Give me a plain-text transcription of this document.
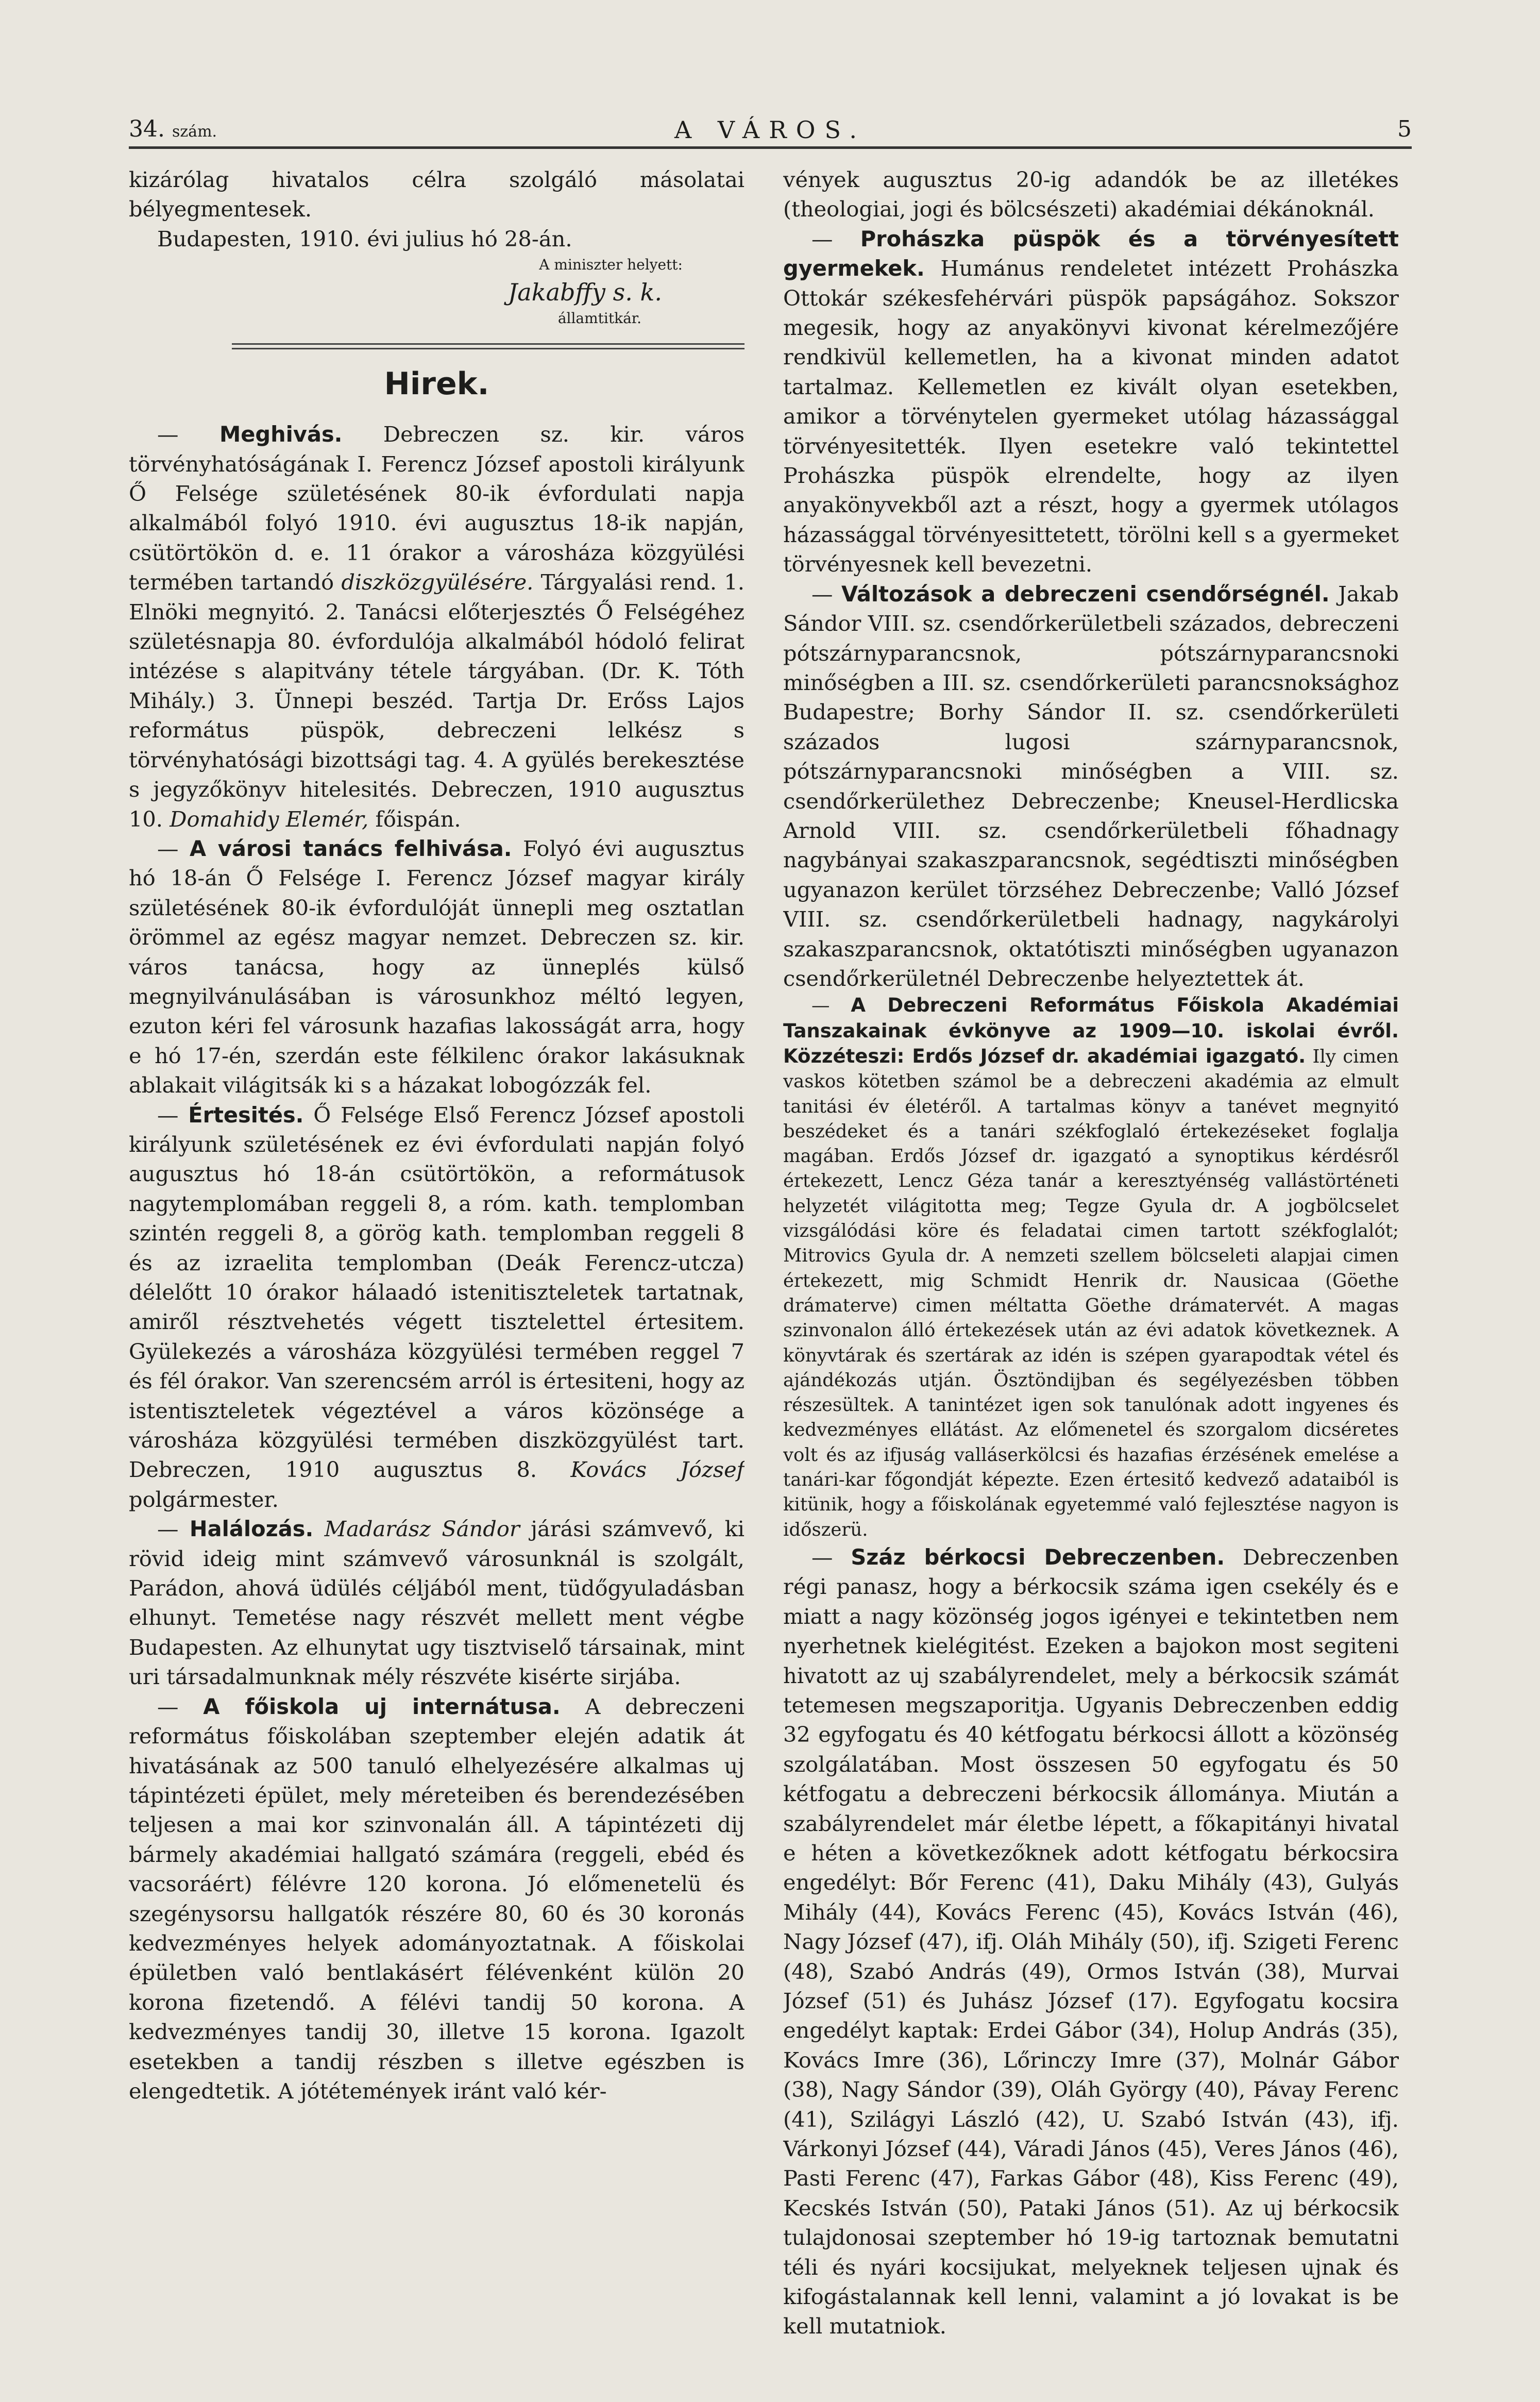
34. szám.	A VÁROS.	5

kizárólag hivatalos célra szolgáló másolatai bélyegmentesek.

Budapesten, 1910. évi julius hó 28-án.

A miniszter helyett:
Jakabffy s. k.
államtitkár.
Hirek.

— Meghivás. Debreczen sz. kir. város törvényhatóságának I. Ferencz József apostoli királyunk Ő Felsége születésének 80-ik évfordulati napja alkalmából folyó 1910. évi augusztus 18-ik napján, csütörtökön d. e. 11 órakor a városháza közgyülési termében tartandó diszközgyülésére. Tárgyalási rend. 1. Elnöki megnyitó. 2. Tanácsi előterjesztés Ő Felségéhez születésnapja 80. évfordulója alkalmából hódoló felirat intézése s alapitvány tétele tárgyában. (Dr. K. Tóth Mihály.) 3. Ünnepi beszéd. Tartja Dr. Erőss Lajos református püspök, debreczeni lelkész s törvényhatósági bizottsági tag. 4. A gyülés berekesztése s jegyzőkönyv hitelesités. Debreczen, 1910 augusztus 10. Domahidy Elemér, főispán.

— A városi tanács felhivása. Folyó évi augusztus hó 18-án Ő Felsége I. Ferencz József magyar király születésének 80-ik évfordulóját ünnepli meg osztatlan örömmel az egész magyar nemzet. Debreczen sz. kir. város tanácsa, hogy az ünneplés külső megnyilvánulásában is városunkhoz méltó legyen, ezuton kéri fel városunk hazafias lakosságát arra, hogy e hó 17-én, szerdán este félkilenc órakor lakásuknak ablakait világitsák ki s a házakat lobogózzák fel.

— Értesités. Ő Felsége Első Ferencz József apostoli királyunk születésének ez évi évfordulati napján folyó augusztus hó 18-án csütörtökön, a reformátusok nagytemplomában reggeli 8, a róm. kath. templomban szintén reggeli 8, a görög kath. templomban reggeli 8 és az izraelita templomban (Deák Ferencz-utcza) délelőtt 10 órakor hálaadó istenitiszteletek tartatnak, amiről résztvehetés végett tisztelettel értesitem. Gyülekezés a városháza közgyülési termében reggel 7 és fél órakor. Van szerencsém arról is értesiteni, hogy az istentiszteletek végeztével a város közönsége a városháza közgyülési termében diszközgyülést tart. Debreczen, 1910 augusztus 8. Kovács József polgármester.

— Halálozás. Madarász Sándor járási számvevő, ki rövid ideig mint számvevő városunknál is szolgált, Parádon, ahová üdülés céljából ment, tüdőgyuladásban elhunyt. Temetése nagy részvét mellett ment végbe Budapesten. Az elhunytat ugy tisztviselő társainak, mint uri társadalmunknak mély részvéte kisérte sirjába.

— A főiskola uj internátusa. A debreczeni református főiskolában szeptember elején adatik át hivatásának az 500 tanuló elhelyezésére alkalmas uj tápintézeti épület, mely méreteiben és berendezésében teljesen a mai kor szinvonalán áll. A tápintézeti dij bármely akadémiai hallgató számára (reggeli, ebéd és vacsoráért) félévre 120 korona. Jó előmenetelü és szegénysorsu hallgatók részére 80, 60 és 30 koronás kedvezményes helyek adományoztatnak. A főiskolai épületben való bentlakásért félévenként külön 20 korona fizetendő. A félévi tandij 50 korona. A kedvezményes tandij 30, illetve 15 korona. Igazolt esetekben a tandij részben s illetve egészben is elengedtetik. A jótétemények iránt való kér-

vények augusztus 20-ig adandók be az illetékes (theologiai, jogi és bölcsészeti) akadémiai dékánoknál.

— Prohászka püspök és a törvényesített gyermekek. Humánus rendeletet intézett Prohászka Ottokár székesfehérvári püspök papságához. Sokszor megesik, hogy az anyakönyvi kivonat kérelmezőjére rendkivül kellemetlen, ha a kivonat minden adatot tartalmaz. Kellemetlen ez kivált olyan esetekben, amikor a törvénytelen gyermeket utólag házassággal törvényesitették. Ilyen esetekre való tekintettel Prohászka püspök elrendelte, hogy az ilyen anyakönyvekből azt a részt, hogy a gyermek utólagos házassággal törvényesittetett, törölni kell s a gyermeket törvényesnek kell bevezetni.

— Változások a debreczeni csendőrségnél. Jakab Sándor VIII. sz. csendőrkerületbeli százados, debreczeni pótszárnyparancsnok, pótszárnyparancsnoki minőségben a III. sz. csendőrkerületi parancsnoksághoz Budapestre; Borhy Sándor II. sz. csendőrkerületi százados lugosi szárnyparancsnok, pótszárnyparancsnoki minőségben a VIII. sz. csendőrkerülethez Debreczenbe; Kneusel-Herdlicska Arnold VIII. sz. csendőrkerületbeli főhadnagy nagybányai szakaszparancsnok, segédtiszti minőségben ugyanazon kerület törzséhez Debreczenbe; Valló József VIII. sz. csendőrkerületbeli hadnagy, nagykárolyi szakaszparancsnok, oktatótiszti minőségben ugyanazon csendőrkerületnél Debreczenbe helyeztettek át.

— A Debreczeni Református Főiskola Akadémiai Tanszakainak évkönyve az 1909—10. iskolai évről. Közzéteszi: Erdős József dr. akadémiai igazgató. Ily cimen vaskos kötetben számol be a debreczeni akadémia az elmult tanitási év életéről. A tartalmas könyv a tanévet megnyitó beszédeket és a tanári székfoglaló értekezéseket foglalja magában. Erdős József dr. igazgató a synoptikus kérdésről értekezett, Lencz Géza tanár a keresztyénség vallástörténeti helyzetét világitotta meg; Tegze Gyula dr. A jogbölcselet vizsgálódási köre és feladatai cimen tartott székfoglalót; Mitrovics Gyula dr. A nemzeti szellem bölcseleti alapjai cimen értekezett, mig Schmidt Henrik dr. Nausicaa (Göethe drámaterve) cimen méltatta Göethe drámatervét. A magas szinvonalon álló értekezések után az évi adatok következnek. A könyvtárak és szertárak az idén is szépen gyarapodtak vétel és ajándékozás utján. Ösztöndijban és segélyezésben többen részesültek. A tanintézet igen sok tanulónak adott ingyenes és kedvezményes ellátást. Az előmenetel és szorgalom dicséretes volt és az ifjuság valláserkölcsi és hazafias érzésének emelése a tanári-kar főgondját képezte. Ezen értesitő kedvező adataiból is kitünik, hogy a főiskolának egyetemmé való fejlesztése nagyon is időszerü.

— Száz bérkocsi Debreczenben. Debreczenben régi panasz, hogy a bérkocsik száma igen csekély és e miatt a nagy közönség jogos igényei e tekintetben nem nyerhetnek kielégitést. Ezeken a bajokon most segiteni hivatott az uj szabályrendelet, mely a bérkocsik számát tetemesen megszaporitja. Ugyanis Debreczenben eddig 32 egyfogatu és 40 kétfogatu bérkocsi állott a közönség szolgálatában. Most összesen 50 egyfogatu és 50 kétfogatu a debreczeni bérkocsik állománya. Miután a szabályrendelet már életbe lépett, a főkapitányi hivatal e héten a következőknek adott kétfogatu bérkocsira engedélyt: Bőr Ferenc (41), Daku Mihály (43), Gulyás Mihály (44), Kovács Ferenc (45), Kovács István (46), Nagy József (47), ifj. Oláh Mihály (50), ifj. Szigeti Ferenc (48), Szabó András (49), Ormos István (38), Murvai József (51) és Juhász József (17). Egyfogatu kocsira engedélyt kaptak: Erdei Gábor (34), Holup András (35), Kovács Imre (36), Lőrinczy Imre (37), Molnár Gábor (38), Nagy Sándor (39), Oláh György (40), Pávay Ferenc (41), Szilágyi László (42), U. Szabó István (43), ifj. Várkonyi József (44), Váradi János (45), Veres János (46), Pasti Ferenc (47), Farkas Gábor (48), Kiss Ferenc (49), Kecskés István (50), Pataki János (51). Az uj bérkocsik tulajdonosai szeptember hó 19-ig tartoznak bemutatni téli és nyári kocsijukat, melyeknek teljesen ujnak és kifogástalannak kell lenni, valamint a jó lovakat is be kell mutatniok.
